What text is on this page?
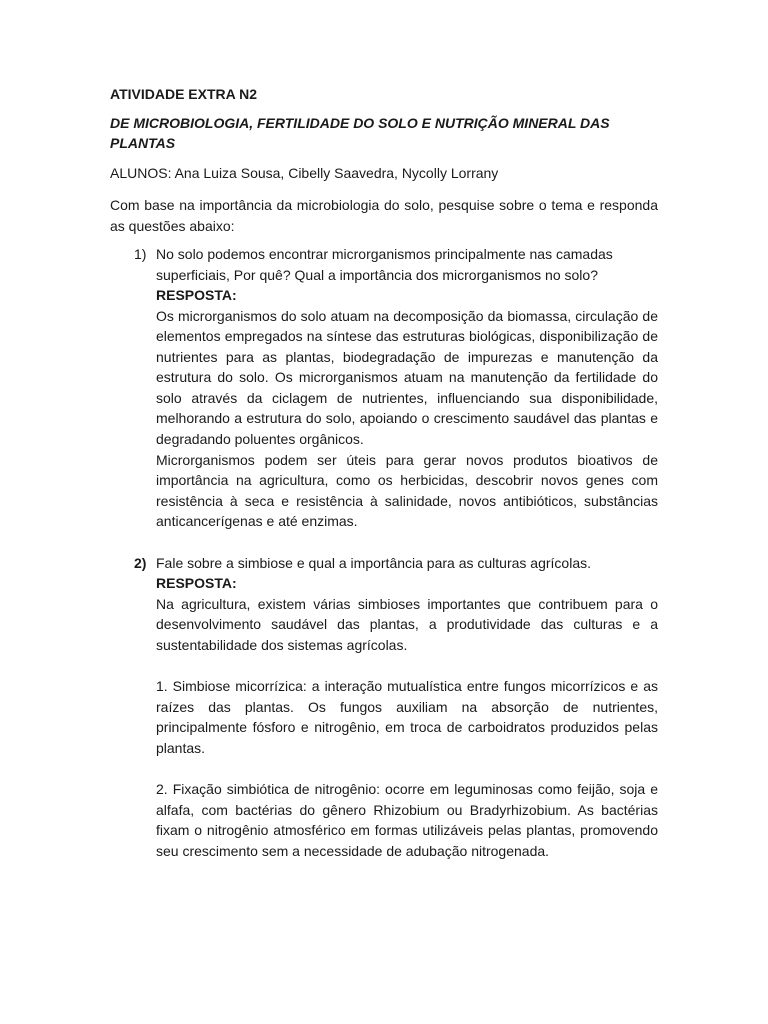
ATIVIDADE EXTRA N2

DE MICROBIOLOGIA, FERTILIDADE DO SOLO E NUTRIÇÃO MINERAL DAS PLANTAS

ALUNOS: Ana Luiza Sousa, Cibelly Saavedra, Nycolly Lorrany

Com base na importância da microbiologia do solo, pesquise sobre o tema e responda as questões abaixo:

1) No solo podemos encontrar microrganismos principalmente nas camadas superficiais, Por quê? Qual a importância dos microrganismos no solo?

RESPOSTA:

Os microrganismos do solo atuam na decomposição da biomassa, circulação de elementos empregados na síntese das estruturas biológicas, disponibilização de nutrientes para as plantas, biodegradação de impurezas e manutenção da estrutura do solo. Os microrganismos atuam na manutenção da fertilidade do solo através da ciclagem de nutrientes, influenciando sua disponibilidade, melhorando a estrutura do solo, apoiando o crescimento saudável das plantas e degradando poluentes orgânicos.

Microrganismos podem ser úteis para gerar novos produtos bioativos de importância na agricultura, como os herbicidas, descobrir novos genes com resistência à seca e resistência à salinidade, novos antibióticos, substâncias anticancerígenas e até enzimas.

2) Fale sobre a simbiose e qual a importância para as culturas agrícolas.

RESPOSTA:

Na agricultura, existem várias simbioses importantes que contribuem para o desenvolvimento saudável das plantas, a produtividade das culturas e a sustentabilidade dos sistemas agrícolas.

1. Simbiose micorrízica: a interação mutualística entre fungos micorrízicos e as raízes das plantas. Os fungos auxiliam na absorção de nutrientes, principalmente fósforo e nitrogênio, em troca de carboidratos produzidos pelas plantas.

2. Fixação simbiótica de nitrogênio: ocorre em leguminosas como feijão, soja e alfafa, com bactérias do gênero Rhizobium ou Bradyrhizobium. As bactérias fixam o nitrogênio atmosférico em formas utilizáveis pelas plantas, promovendo seu crescimento sem a necessidade de adubação nitrogenada.
